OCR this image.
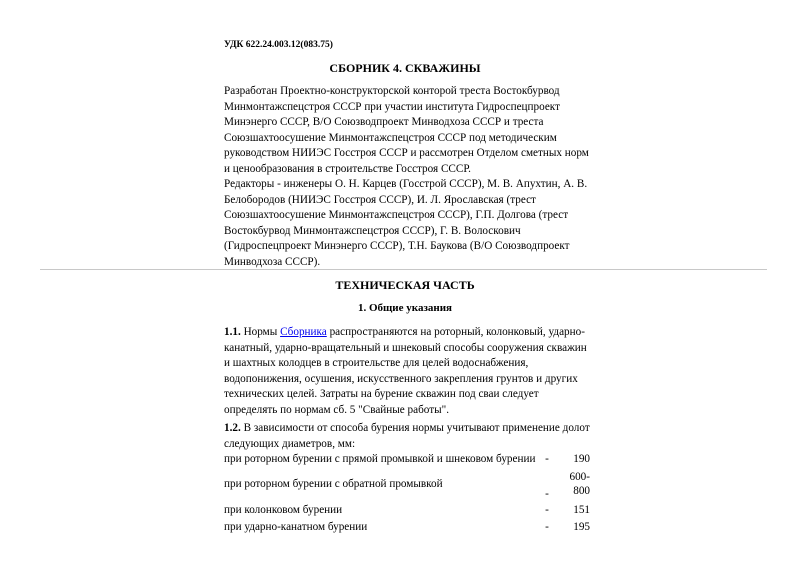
УДК 622.24.003.12(083.75)
СБОРНИК 4. СКВАЖИНЫ
Разработан Проектно-конструкторской конторой треста Востокбурвод Минмонтажспецстроя СССР при участии института Гидроспецпроект Минэнерго СССР, В/О Союзводпроект Минводхоза СССР и треста Союзшахтоосушение Минмонтажспецстроя СССР под методическим руководством НИИЭС Госстроя СССР и рассмотрен Отделом сметных норм и ценообразования в строительстве Госстроя СССР.
Редакторы - инженеры О. Н. Карцев (Госстрой СССР), М. В. Апухтин, А. В. Белобородов (НИИЭС Госстроя СССР), И. Л. Ярославская (трест Союзшахтоосушение Минмонтажспецстроя СССР), Г.П. Долгова (трест Востокбурвод Минмонтажспецстроя СССР), Г. В. Волоскович (Гидроспецпроект Минэнерго СССР), Т.Н. Баукова (В/О Союзводпроект Минводхоза СССР).
ТЕХНИЧЕСКАЯ ЧАСТЬ
1. Общие указания
1.1. Нормы Сборника распространяются на роторный, колонковый, ударно-канатный, ударно-вращательный и шнековый способы сооружения скважин и шахтных колодцев в строительстве для целей водоснабжения, водопонижения, осушения, искусственного закрепления грунтов и других технических целей. Затраты на бурение скважин под сваи следует определять по нормам сб. 5 "Свайные работы".
1.2. В зависимости от способа бурения нормы учитывают применение долот следующих диаметров, мм:
при роторном бурении с прямой промывкой и шнековом бурении	-	190
при роторном бурении с обратной промывкой	-	600-
800

при колонковом бурении	-	151
при ударно-канатном бурении	-	195
